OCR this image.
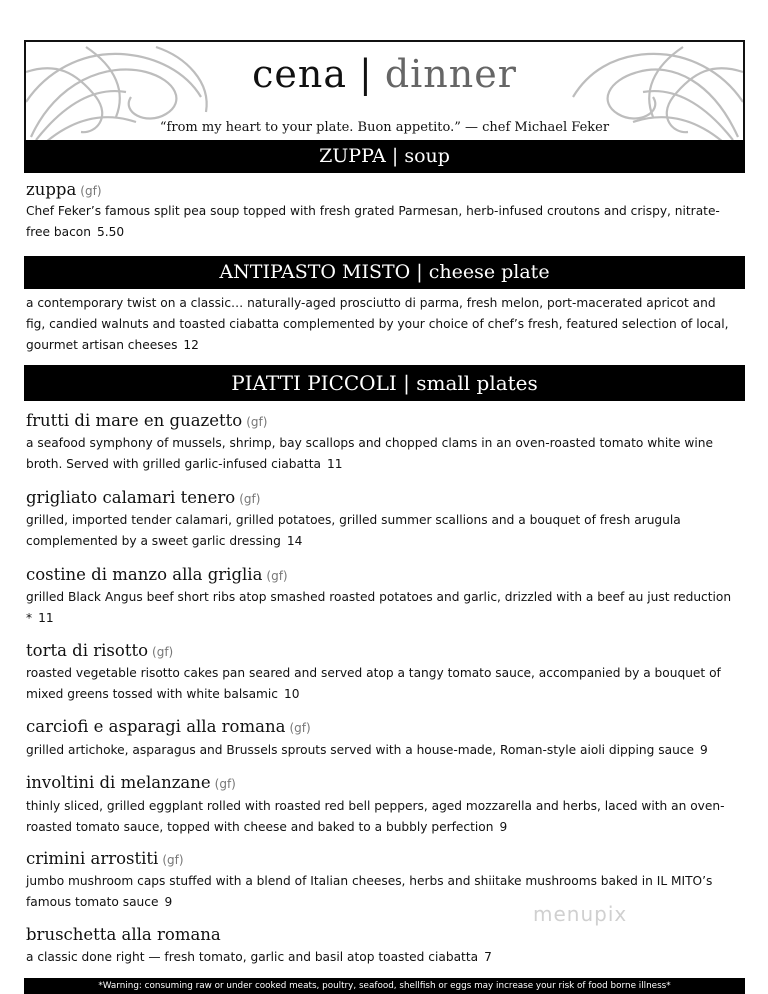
cena | dinner
“from my heart to your plate. Buon appetito.” — chef Michael Feker
ZUPPA | soup
zuppa (gf)
Chef Feker’s famous split pea soup topped with fresh grated Parmesan, herb-infused croutons and crispy, nitrate-free bacon 5.50
ANTIPASTO MISTO | cheese plate
a contemporary twist on a classic… naturally-aged prosciutto di parma, fresh melon, port-macerated apricot and fig, candied walnuts and toasted ciabatta complemented by your choice of chef’s fresh, featured selection of local, gourmet artisan cheeses 12
PIATTI PICCOLI | small plates
frutti di mare en guazetto (gf)
a seafood symphony of mussels, shrimp, bay scallops and chopped clams in an oven-roasted tomato white wine broth. Served with grilled garlic-infused ciabatta 11
grigliato calamari tenero (gf)
grilled, imported tender calamari, grilled potatoes, grilled summer scallions and a bouquet of fresh arugula complemented by a sweet garlic dressing 14
costine di manzo alla griglia (gf)
grilled Black Angus beef short ribs atop smashed roasted potatoes and garlic, drizzled with a beef au just reduction * 11
torta di risotto (gf)
roasted vegetable risotto cakes pan seared and served atop a tangy tomato sauce, accompanied by a bouquet of mixed greens tossed with white balsamic 10
carciofi e asparagi alla romana (gf)
grilled artichoke, asparagus and Brussels sprouts served with a house-made, Roman-style aioli dipping sauce 9
involtini di melanzane (gf)
thinly sliced, grilled eggplant rolled with roasted red bell peppers, aged mozzarella and herbs, laced with an oven-roasted tomato sauce, topped with cheese and baked to a bubbly perfection 9
crimini arrostiti (gf)
jumbo mushroom caps stuffed with a blend of Italian cheeses, herbs and shiitake mushrooms baked in IL MITO’s famous tomato sauce 9	menupix
bruschetta alla romana
a classic done right — fresh tomato, garlic and basil atop toasted ciabatta 7
*Warning: consuming raw or under cooked meats, poultry, seafood, shellfish or eggs may increase your risk of food borne illness*
